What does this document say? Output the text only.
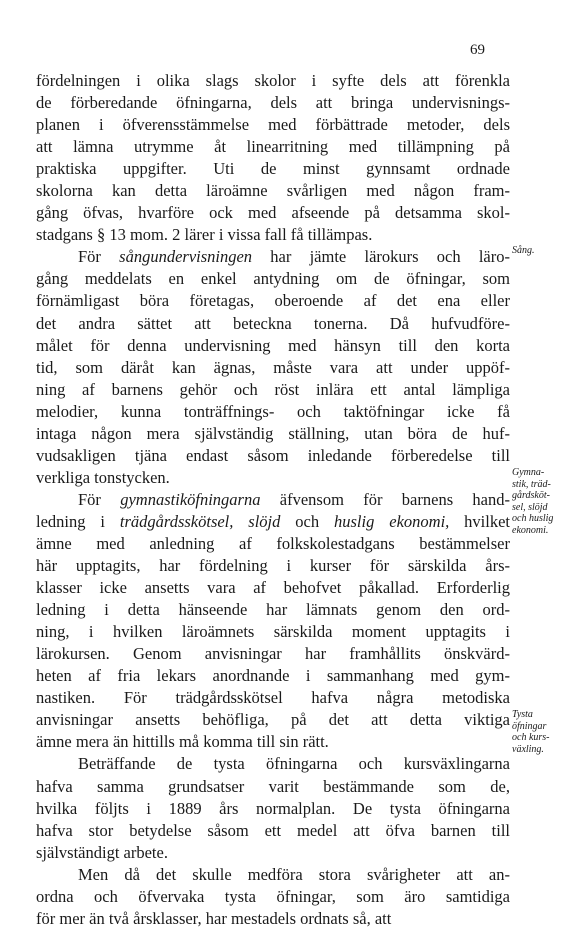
69
fördelningen i olika slags skolor i syfte dels att förenkla
de förberedande öfningarna, dels att bringa undervisnings-
planen i öfverensstämmelse med förbättrade metoder, dels
att lämna utrymme åt linearritning med tillämpning på
praktiska uppgifter. Uti de minst gynnsamt ordnade
skolorna kan detta läroämne svårligen med någon fram-
gång öfvas, hvarföre ock med afseende på detsamma skol-
stadgans § 13 mom. 2 lärer i vissa fall få tillämpas.
För sångundervisningen har jämte lärokurs och läro-
gång meddelats en enkel antydning om de öfningar, som
förnämligast böra företagas, oberoende af det ena eller
det andra sättet att beteckna tonerna. Då hufvudföre-
målet för denna undervisning med hänsyn till den korta
tid, som däråt kan ägnas, måste vara att under uppöf-
ning af barnens gehör och röst inlära ett antal lämpliga
melodier, kunna tonträffnings- och taktöfningar icke få
intaga någon mera självständig ställning, utan böra de huf-
vudsakligen tjäna endast såsom inledande förberedelse till
verkliga tonstycken.
För gymnastiköfningarna äfvensom för barnens hand-
ledning i trädgårdsskötsel, slöjd och huslig ekonomi, hvilket
ämne med anledning af folkskolestadgans bestämmelser
här upptagits, har fördelning i kurser för särskilda års-
klasser icke ansetts vara af behofvet påkallad. Erforderlig
ledning i detta hänseende har lämnats genom den ord-
ning, i hvilken läroämnets särskilda moment upptagits i
lärokursen. Genom anvisningar har framhållits önskvärd-
heten af fria lekars anordnande i sammanhang med gym-
nastiken. För trädgårdsskötsel hafva några metodiska
anvisningar ansetts behöfliga, på det att detta viktiga
ämne mera än hittills må komma till sin rätt.
Beträffande de tysta öfningarna och kursväxlingarna
hafva samma grundsatser varit bestämmande som de,
hvilka följts i 1889 års normalplan. De tysta öfningarna
hafva stor betydelse såsom ett medel att öfva barnen till
självständigt arbete.
Men då det skulle medföra stora svårigheter att an-
ordna och öfvervaka tysta öfningar, som äro samtidiga
för mer än två årsklasser, har mestadels ordnats så, att
Sång.
Gymna-
stik, träd-
gårdsköt-
sel, slöjd
och huslig
ekonomi.
Tysta
öfningar
och kurs-
växling.
